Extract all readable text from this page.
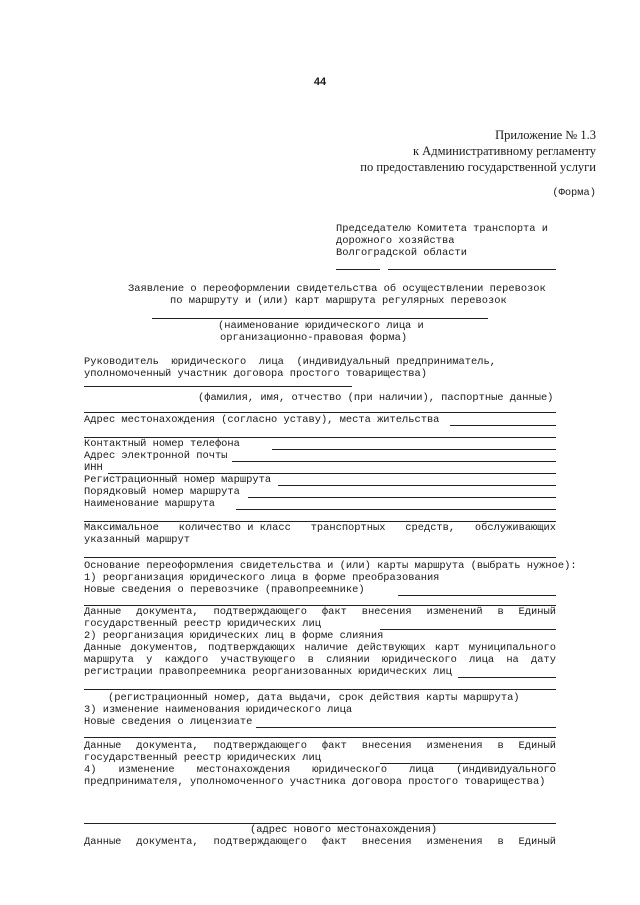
44
Приложение № 1.3
к Административному регламенту
по предоставлению государственной услуги
(Форма)
Председателю Комитета транспорта и
дорожного хозяйства
Волгоградской области
Заявление о переоформлении свидетельства об осуществлении перевозок
по маршруту и (или) карт маршрута регулярных перевозок
(наименование юридического лица и
организационно-правовая форма)
Руководитель юридического лица (индивидуальный предприниматель,
уполномоченный участник договора простого товарищества)
(фамилия, имя, отчество (при наличии), паспортные данные)
Адрес местонахождения (согласно уставу), места жительства
Контактный номер телефона
Адрес электронной почты
ИНН
Регистрационный номер маршрута
Порядковый номер маршрута
Наименование маршрута
Максимальное количество и класс транспортных средств, обслуживающих
указанный маршрут
Основание переоформления свидетельства и (или) карты маршрута (выбрать нужное):
1) реорганизация юридического лица в форме преобразования
Новые сведения о перевозчике (правопреемнике)
Данные документа, подтверждающего факт внесения изменений в Единый
государственный реестр юридических лиц
2) реорганизация юридических лиц в форме слияния
Данные документов, подтверждающих наличие действующих карт муниципального
маршрута у каждого участвующего в слиянии юридического лица на дату
регистрации правопреемника реорганизованных юридических лиц
(регистрационный номер, дата выдачи, срок действия карты маршрута)
3) изменение наименования юридического лица
Новые сведения о лицензиате
Данные документа, подтверждающего факт внесения изменения в Единый
государственный реестр юридических лиц
4) изменение местонахождения юридического лица (индивидуального
предпринимателя, уполномоченного участника договора простого товарищества)
(адрес нового местонахождения)
Данные документа, подтверждающего факт внесения изменения в Единый
